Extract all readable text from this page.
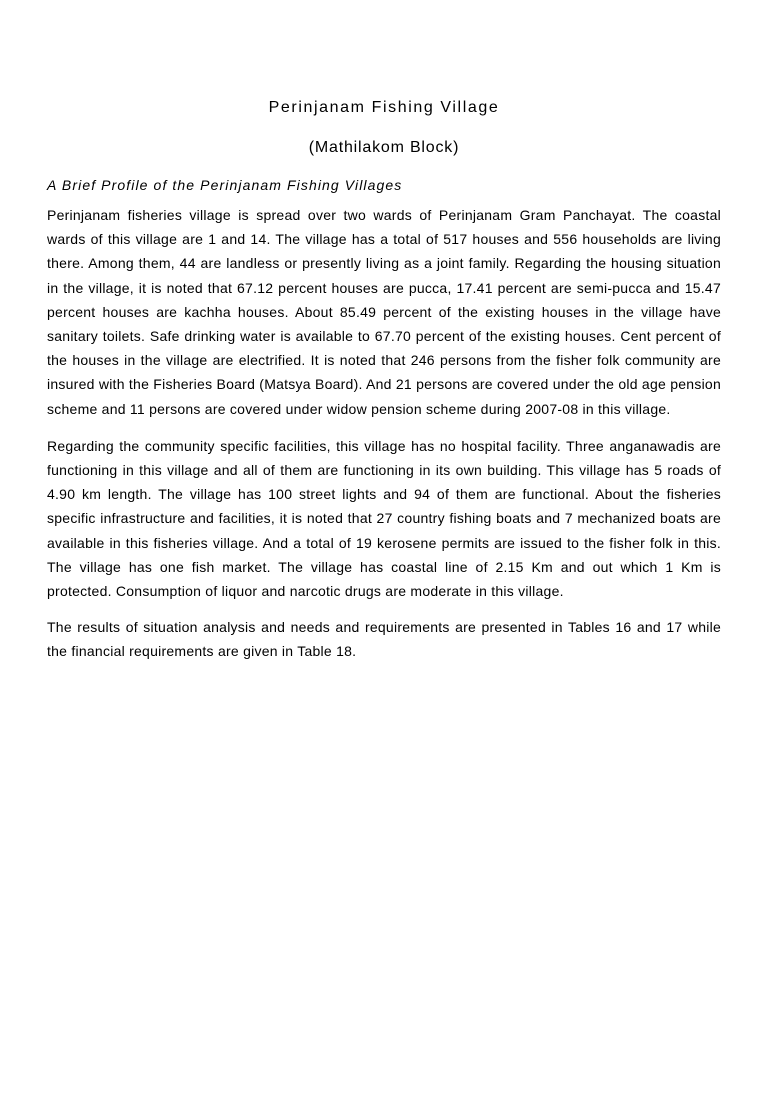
Perinjanam Fishing Village
(Mathilakom Block)
A Brief Profile of the Perinjanam Fishing Villages

Perinjanam fisheries village is spread over two wards of Perinjanam Gram Panchayat. The coastal wards of this village are 1 and 14. The village has a total of 517 houses and 556 households are living there. Among them, 44 are landless or presently living as a joint family. Regarding the housing situation in the village, it is noted that 67.12 percent houses are pucca, 17.41 percent are semi-pucca and 15.47 percent houses are kachha houses. About 85.49 percent of the existing houses in the village have sanitary toilets. Safe drinking water is available to 67.70 percent of the existing houses. Cent percent of the houses in the village are electrified. It is noted that 246 persons from the fisher folk community are insured with the Fisheries Board (Matsya Board). And 21 persons are covered under the old age pension scheme and 11 persons are covered under widow pension scheme during 2007-08 in this village.

Regarding the community specific facilities, this village has no hospital facility. Three anganawadis are functioning in this village and all of them are functioning in its own building. This village has 5 roads of 4.90 km length. The village has 100 street lights and 94 of them are functional. About the fisheries specific infrastructure and facilities, it is noted that 27 country fishing boats and 7 mechanized boats are available in this fisheries village. And a total of 19 kerosene permits are issued to the fisher folk in this. The village has one fish market. The village has coastal line of 2.15 Km and out which 1 Km is protected. Consumption of liquor and narcotic drugs are moderate in this village.

The results of situation analysis and needs and requirements are presented in Tables 16 and 17 while the financial requirements are given in Table 18.
